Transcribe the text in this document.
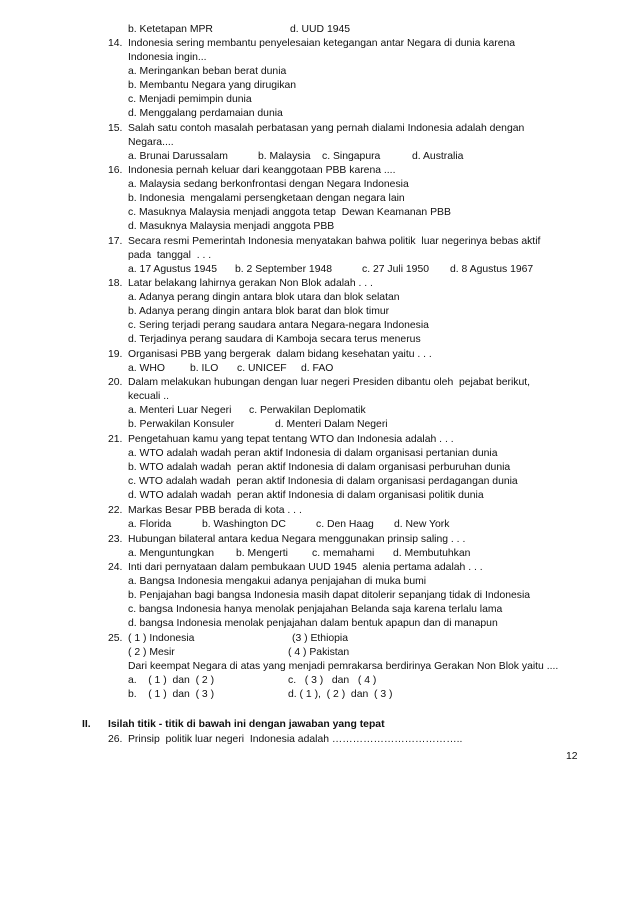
b. Ketetapan MPR	d. UUD 1945
14. Indonesia sering membantu penyelesaian ketegangan antar Negara di dunia karena
Indonesia ingin...
a. Meringankan beban berat dunia
b. Membantu Negara yang dirugikan
c. Menjadi pemimpin dunia
d. Menggalang perdamaian dunia
15. Salah satu contoh masalah perbatasan yang pernah dialami Indonesia adalah dengan
Negara....
a. Brunai Darussalam	b. Malaysia c. Singapura	d. Australia
16. Indonesia pernah keluar dari keanggotaan PBB karena ....
a. Malaysia sedang berkonfrontasi dengan Negara Indonesia
b. Indonesia  mengalami persengketaan dengan negara lain
c. Masuknya Malaysia menjadi anggota tetap  Dewan Keamanan PBB
d. Masuknya Malaysia menjadi anggota PBB
17. Secara resmi Pemerintah Indonesia menyatakan bahwa politik  luar negerinya bebas aktif
pada  tanggal  . . .
a. 17 Agustus 1945 b. 2 September 1948	c. 27 Juli 1950 d. 8 Agustus 1967
18. Latar belakang lahirnya gerakan Non Blok adalah . . .
a. Adanya perang dingin antara blok utara dan blok selatan
b. Adanya perang dingin antara blok barat dan blok timur
c. Sering terjadi perang saudara antara Negara-negara Indonesia
d. Terjadinya perang saudara di Kamboja secara terus menerus
19. Organisasi PBB yang bergerak  dalam bidang kesehatan yaitu . . .
a. WHO b. ILO c. UNICEF d. FAO
20. Dalam melakukan hubungan dengan luar negeri Presiden dibantu oleh  pejabat berikut,
kecuali ..
a. Menteri Luar Negeri c. Perwakilan Deplomatik
b. Perwakilan Konsuler	d. Menteri Dalam Negeri
21. Pengetahuan kamu yang tepat tentang WTO dan Indonesia adalah . . .
a. WTO adalah wadah peran aktif Indonesia di dalam organisasi pertanian dunia
b. WTO adalah wadah  peran aktif Indonesia di dalam organisasi perburuhan dunia
c. WTO adalah wadah  peran aktif Indonesia di dalam organisasi perdagangan dunia
d. WTO adalah wadah  peran aktif Indonesia di dalam organisasi politik dunia
22. Markas Besar PBB berada di kota . . .
a. Florida	b. Washington DC	c. Den Haag d. New York
23. Hubungan bilateral antara kedua Negara menggunakan prinsip saling . . .
a. Menguntungkan b. Mengerti c. memahami d. Membutuhkan
24. Inti dari pernyataan dalam pembukaan UUD 1945  alenia pertama adalah . . .
a. Bangsa Indonesia mengakui adanya penjajahan di muka bumi
b. Penjajahan bagi bangsa Indonesia masih dapat ditolerir sepanjang tidak di Indonesia
c. bangsa Indonesia hanya menolak penjajahan Belanda saja karena terlalu lama
d. bangsa Indonesia menolak penjajahan dalam bentuk apapun dan di manapun
25. ( 1 ) Indonesia	(3 ) Ethiopia
( 2 ) Mesir	( 4 ) Pakistan
Dari keempat Negara di atas yang menjadi pemrakarsa berdirinya Gerakan Non Blok yaitu ....
a.    ( 1 )  dan  ( 2 )	c.   ( 3 )   dan   ( 4 )
b.    ( 1 )  dan  ( 3 )	d. ( 1 ),  ( 2 )  dan  ( 3 )
II. Isilah titik - titik di bawah ini dengan jawaban yang tepat
26. Prinsip  politik luar negeri  Indonesia adalah ………………………………..
12
